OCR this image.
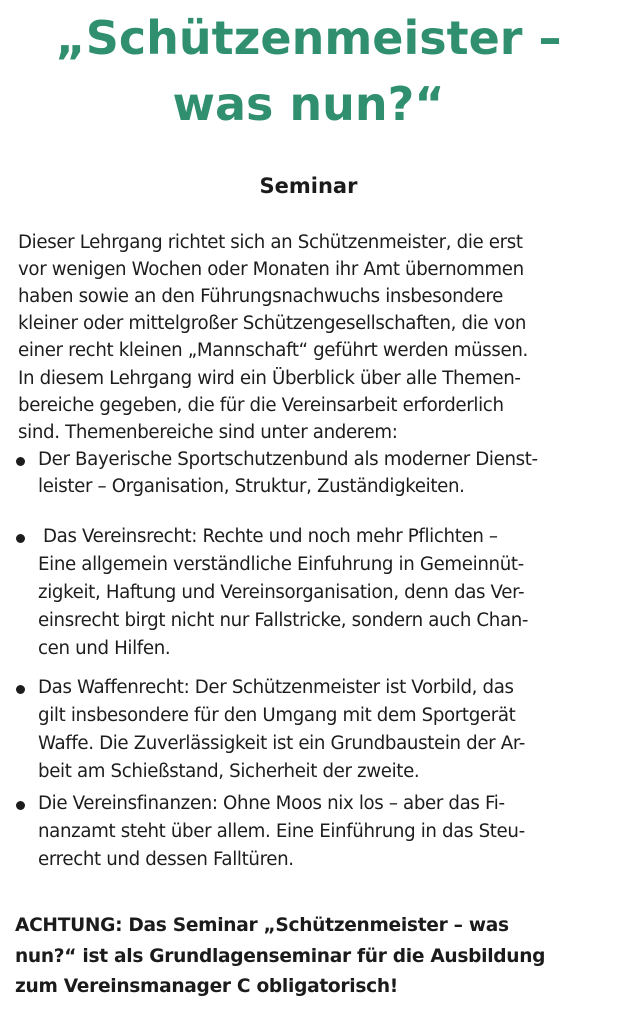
„Schützenmeister –
was nun?“
Seminar
Dieser Lehrgang richtet sich an Schützenmeister, die erst
vor wenigen Wochen oder Monaten ihr Amt übernommen
haben sowie an den Führungsnachwuchs insbesondere
kleiner oder mittelgroßer Schützengesellschaften, die von
einer recht kleinen „Mannschaft“ geführt werden müssen.
In diesem Lehrgang wird ein Überblick über alle Themen-
bereiche gegeben, die für die Vereinsarbeit erforderlich
sind. Themenbereiche sind unter anderem:
Der Bayerische Sportschutzenbund als moderner Dienst-
leister – Organisation, Struktur, Zuständigkeiten.
Das Vereinsrecht: Rechte und noch mehr Pflichten –
Eine allgemein verständliche Einfuhrung in Gemeinnüt-
zigkeit, Haftung und Vereinsorganisation, denn das Ver-
einsrecht birgt nicht nur Fallstricke, sondern auch Chan-
cen und Hilfen.
Das Waffenrecht: Der Schützenmeister ist Vorbild, das
gilt insbesondere für den Umgang mit dem Sportgerät
Waffe. Die Zuverlässigkeit ist ein Grundbaustein der Ar-
beit am Schießstand, Sicherheit der zweite.
Die Vereinsfinanzen: Ohne Moos nix los – aber das Fi-
nanzamt steht über allem. Eine Einführung in das Steu-
errecht und dessen Falltüren.
ACHTUNG: Das Seminar „Schützenmeister – was
nun?“ ist als Grundlagenseminar für die Ausbildung
zum Vereinsmanager C obligatorisch!
